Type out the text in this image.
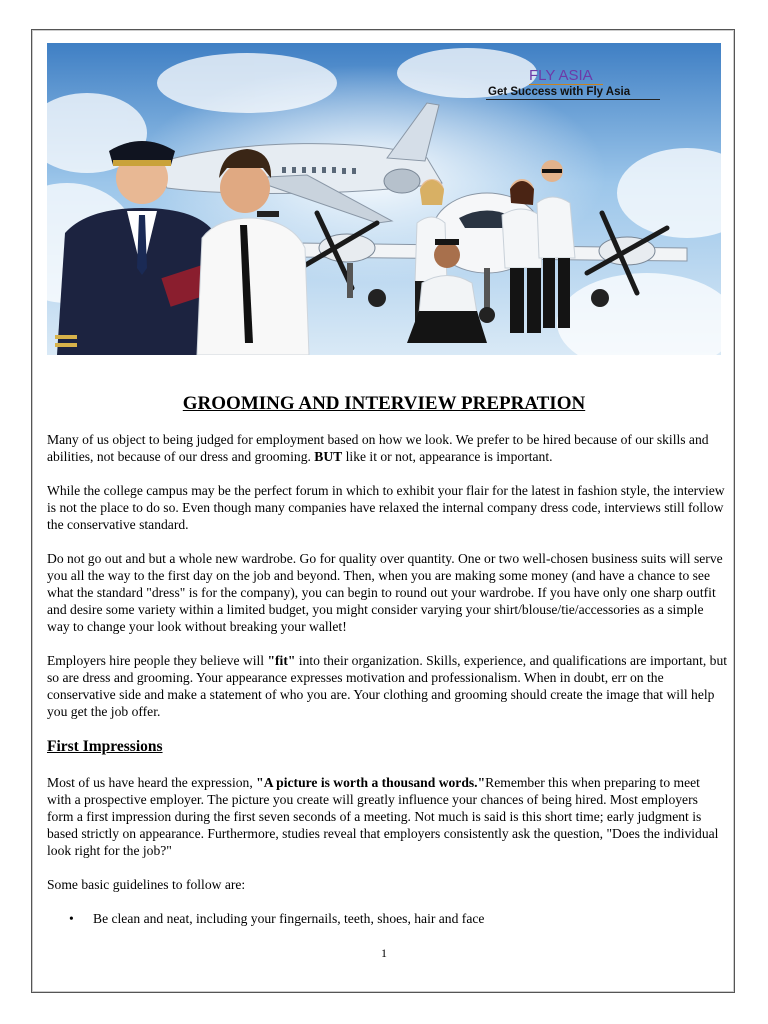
FLY ASIA
Get Success with Fly Asia
GROOMING AND INTERVIEW PREPRATION

Many of us object to being judged for employment based on how we look. We prefer to be hired because of our skills and abilities, not because of our dress and grooming. BUT like it or not, appearance is important.

While the college campus may be the perfect forum in which to exhibit your flair for the latest in fashion style, the interview is not the place to do so. Even though many companies have relaxed the internal company dress code, interviews still follow the conservative standard.

Do not go out and but a whole new wardrobe. Go for quality over quantity. One or two well-chosen business suits will serve you all the way to the first day on the job and beyond. Then, when you are making some money (and have a chance to see what the standard "dress" is for the company), you can begin to round out your wardrobe. If you have only one sharp outfit and desire some variety within a limited budget, you might consider varying your shirt/blouse/tie/accessories as a simple way to change your look without breaking your wallet!

Employers hire people they believe will "fit" into their organization. Skills, experience, and qualifications are important, but so are dress and grooming. Your appearance expresses motivation and professionalism. When in doubt, err on the conservative side and make a statement of who you are. Your clothing and grooming should create the image that will help you get the job offer.

First Impressions

Most of us have heard the expression, "A picture is worth a thousand words."Remember this when preparing to meet with a prospective employer. The picture you create will greatly influence your chances of being hired. Most employers form a first impression during the first seven seconds of a meeting. Not much is said is this short time; early judgment is based strictly on appearance. Furthermore, studies reveal that employers consistently ask the question, "Does the individual look right for the job?"

Some basic guidelines to follow are:

• Be clean and neat, including your fingernails, teeth, shoes, hair and face
1
